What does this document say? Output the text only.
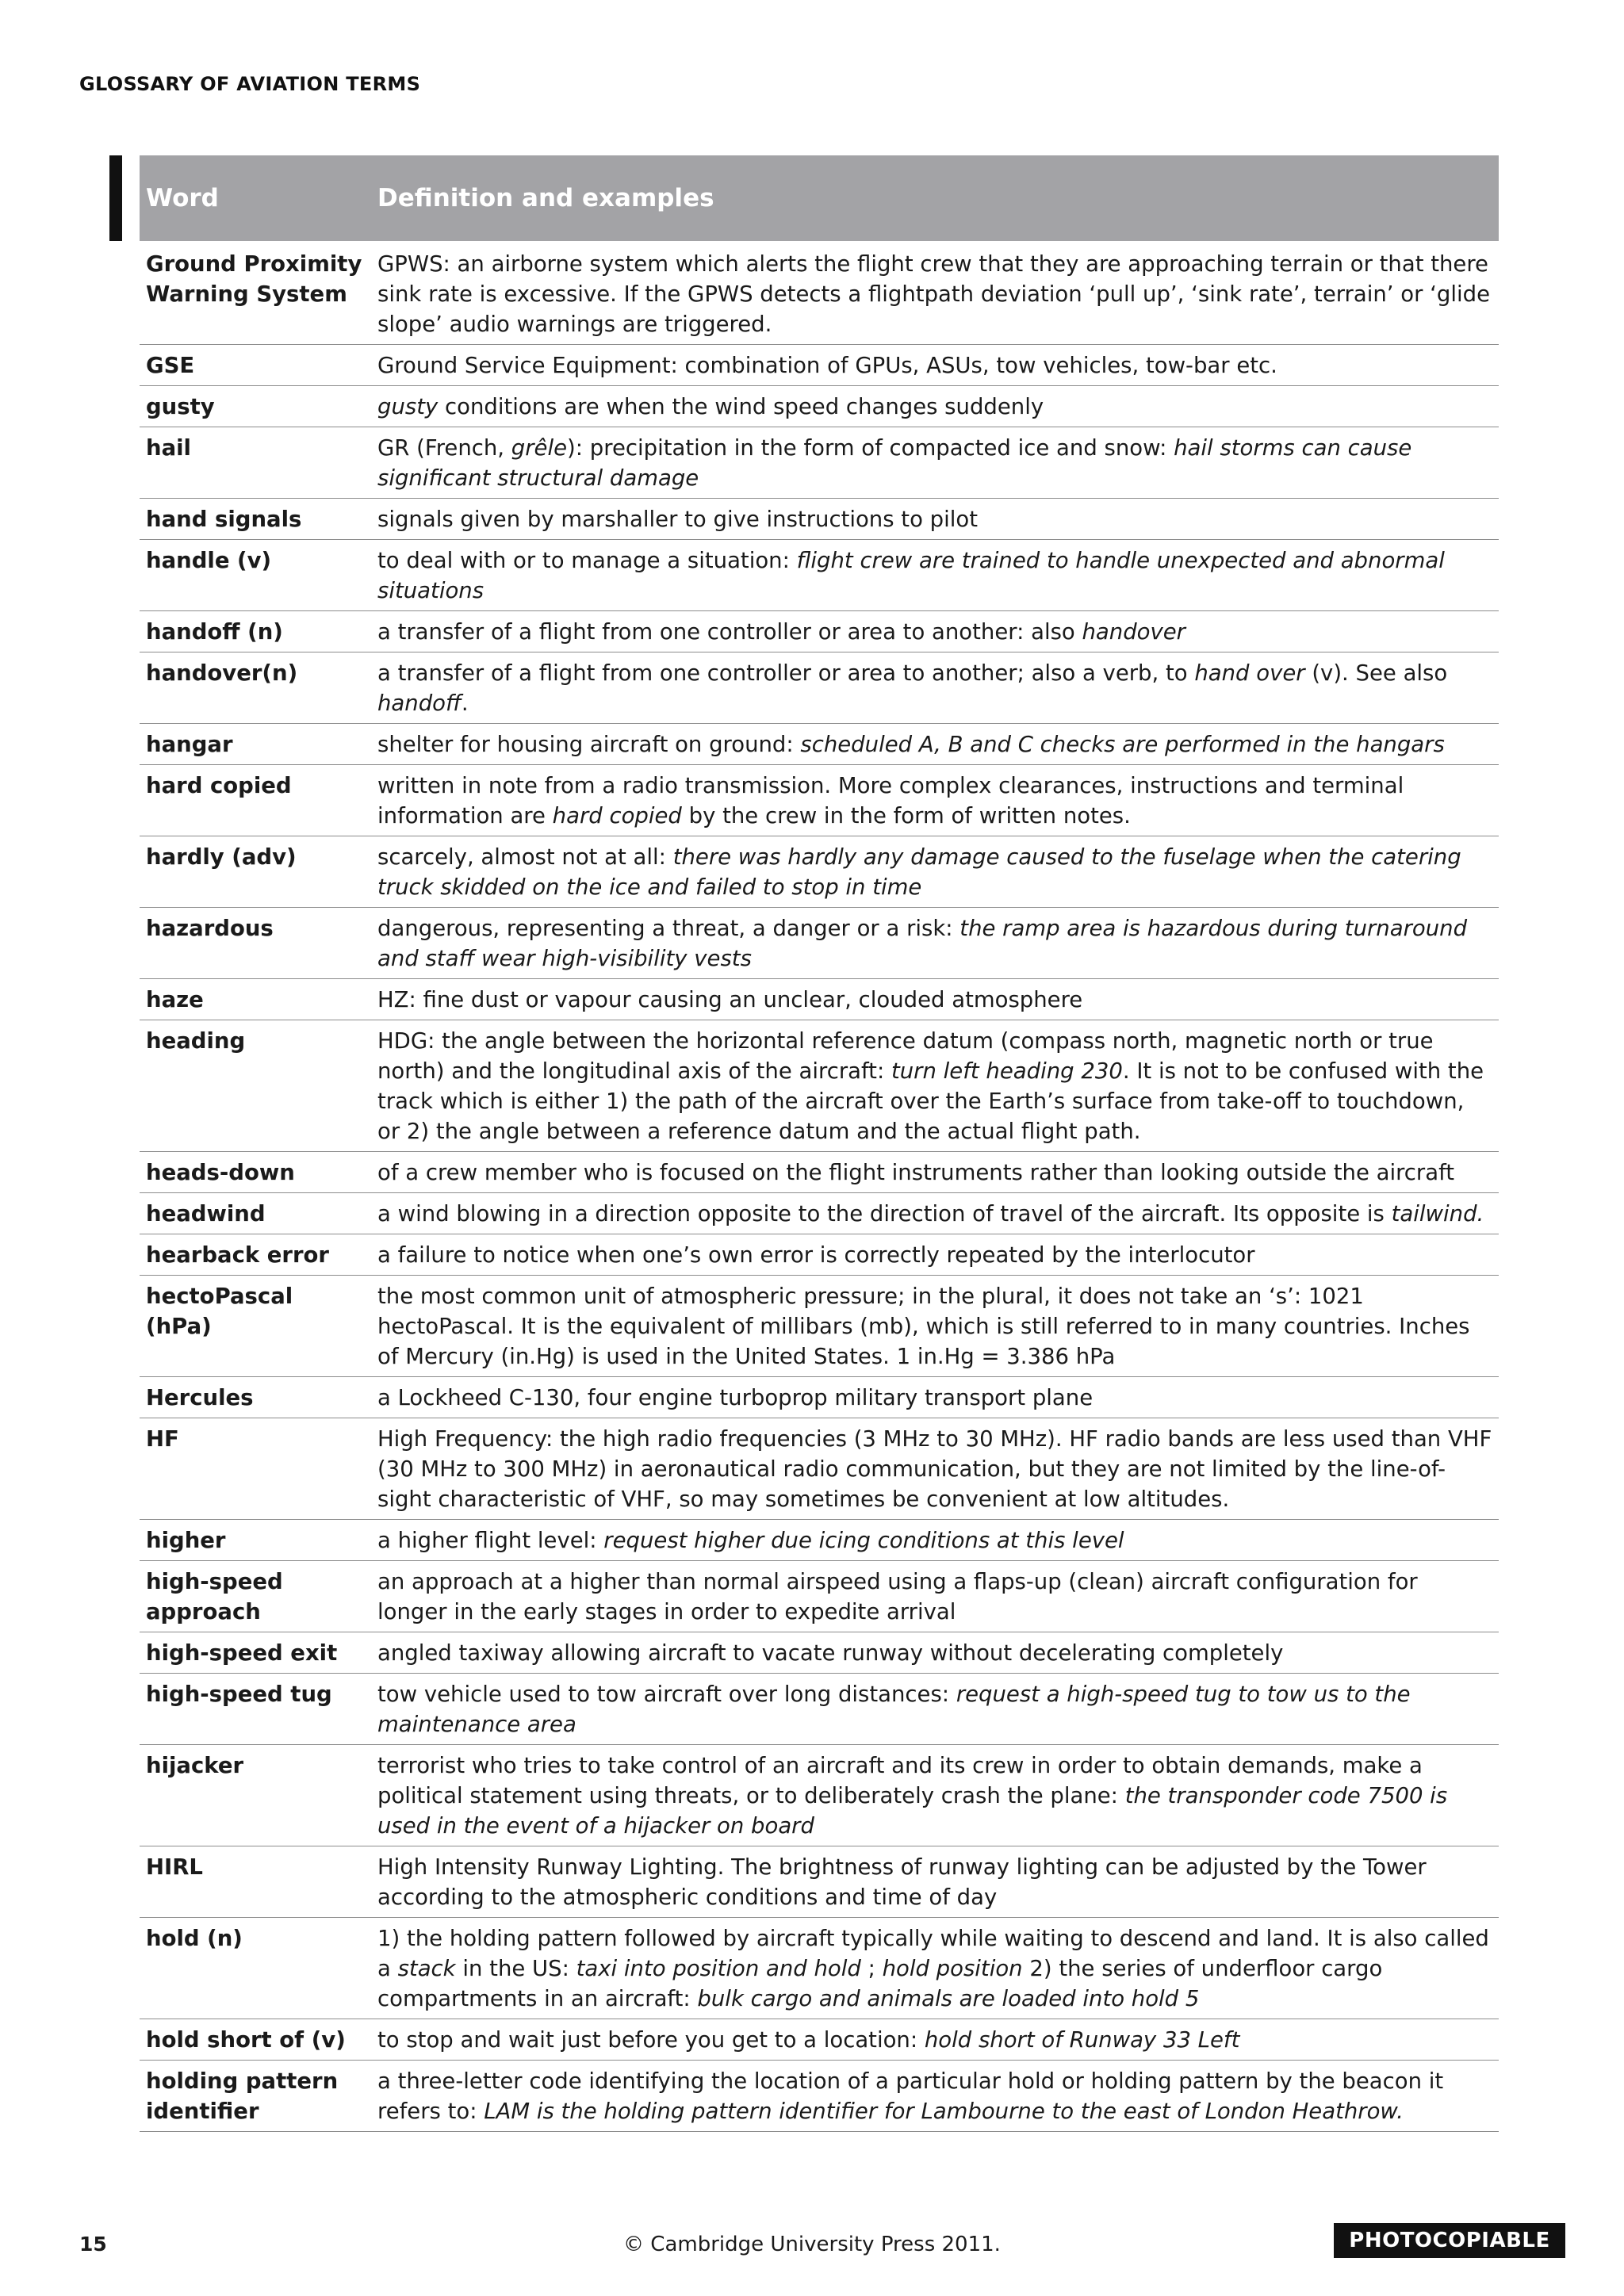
GLOSSARY OF AVIATION TERMS
Word	Definition and examples
Ground Proximity Warning System	GPWS: an airborne system which alerts the flight crew that they are approaching terrain or that there sink rate is excessive. If the GPWS detects a flightpath deviation ‘pull up’, ‘sink rate’, terrain’ or ‘glide slope’ audio warnings are triggered.
GSE	Ground Service Equipment: combination of GPUs, ASUs, tow vehicles, tow-bar etc.
gusty	gusty conditions are when the wind speed changes suddenly
hail	GR (French, grêle): precipitation in the form of compacted ice and snow: hail storms can cause significant structural damage
hand signals	signals given by marshaller to give instructions to pilot
handle (v)	to deal with or to manage a situation: flight crew are trained to handle unexpected and abnormal situations
handoff (n)	a transfer of a flight from one controller or area to another: also handover
handover(n)	a transfer of a flight from one controller or area to another; also a verb, to hand over (v). See also handoff.
hangar	shelter for housing aircraft on ground: scheduled A, B and C checks are performed in the hangars
hard copied	written in note from a radio transmission. More complex clearances, instructions and terminal information are hard copied by the crew in the form of written notes.
hardly (adv)	scarcely, almost not at all: there was hardly any damage caused to the fuselage when the catering truck skidded on the ice and failed to stop in time
hazardous	dangerous, representing a threat, a danger or a risk: the ramp area is hazardous during turnaround and staff wear high-visibility vests
haze	HZ: fine dust or vapour causing an unclear, clouded atmosphere
heading	HDG: the angle between the horizontal reference datum (compass north, magnetic north or true north) and the longitudinal axis of the aircraft: turn left heading 230. It is not to be confused with the track which is either 1) the path of the aircraft over the Earth’s surface from take-off to touchdown, or 2) the angle between a reference datum and the actual flight path.
heads-down	of a crew member who is focused on the flight instruments rather than looking outside the aircraft
headwind	a wind blowing in a direction opposite to the direction of travel of the aircraft. Its opposite is tailwind.
hearback error	a failure to notice when one’s own error is correctly repeated by the interlocutor
hectoPascal (hPa)	the most common unit of atmospheric pressure; in the plural, it does not take an ‘s’: 1021 hectoPascal. It is the equivalent of millibars (mb), which is still referred to in many countries. Inches of Mercury (in.Hg) is used in the United States. 1 in.Hg = 3.386 hPa
Hercules	a Lockheed C-130, four engine turboprop military transport plane
HF	High Frequency: the high radio frequencies (3 MHz to 30 MHz). HF radio bands are less used than VHF (30 MHz to 300 MHz) in aeronautical radio communication, but they are not limited by the line-of-sight characteristic of VHF, so may sometimes be convenient at low altitudes.
higher	a higher flight level: request higher due icing conditions at this level
high-speed approach	an approach at a higher than normal airspeed using a flaps-up (clean) aircraft configuration for longer in the early stages in order to expedite arrival
high-speed exit	angled taxiway allowing aircraft to vacate runway without decelerating completely
high-speed tug	tow vehicle used to tow aircraft over long distances: request a high-speed tug to tow us to the maintenance area
hijacker	terrorist who tries to take control of an aircraft and its crew in order to obtain demands, make a political statement using threats, or to deliberately crash the plane: the transponder code 7500 is used in the event of a hijacker on board
HIRL	High Intensity Runway Lighting. The brightness of runway lighting can be adjusted by the Tower according to the atmospheric conditions and time of day
hold (n)	1) the holding pattern followed by aircraft typically while waiting to descend and land. It is also called a stack in the US: taxi into position and hold ; hold position 2) the series of underfloor cargo compartments in an aircraft: bulk cargo and animals are loaded into hold 5
hold short of (v)	to stop and wait just before you get to a location: hold short of Runway 33 Left
holding pattern identifier	a three-letter code identifying the location of a particular hold or holding pattern by the beacon it refers to: LAM is the holding pattern identifier for Lambourne to the east of London Heathrow.
15	© Cambridge University Press 2011.	PHOTOCOPIABLE
